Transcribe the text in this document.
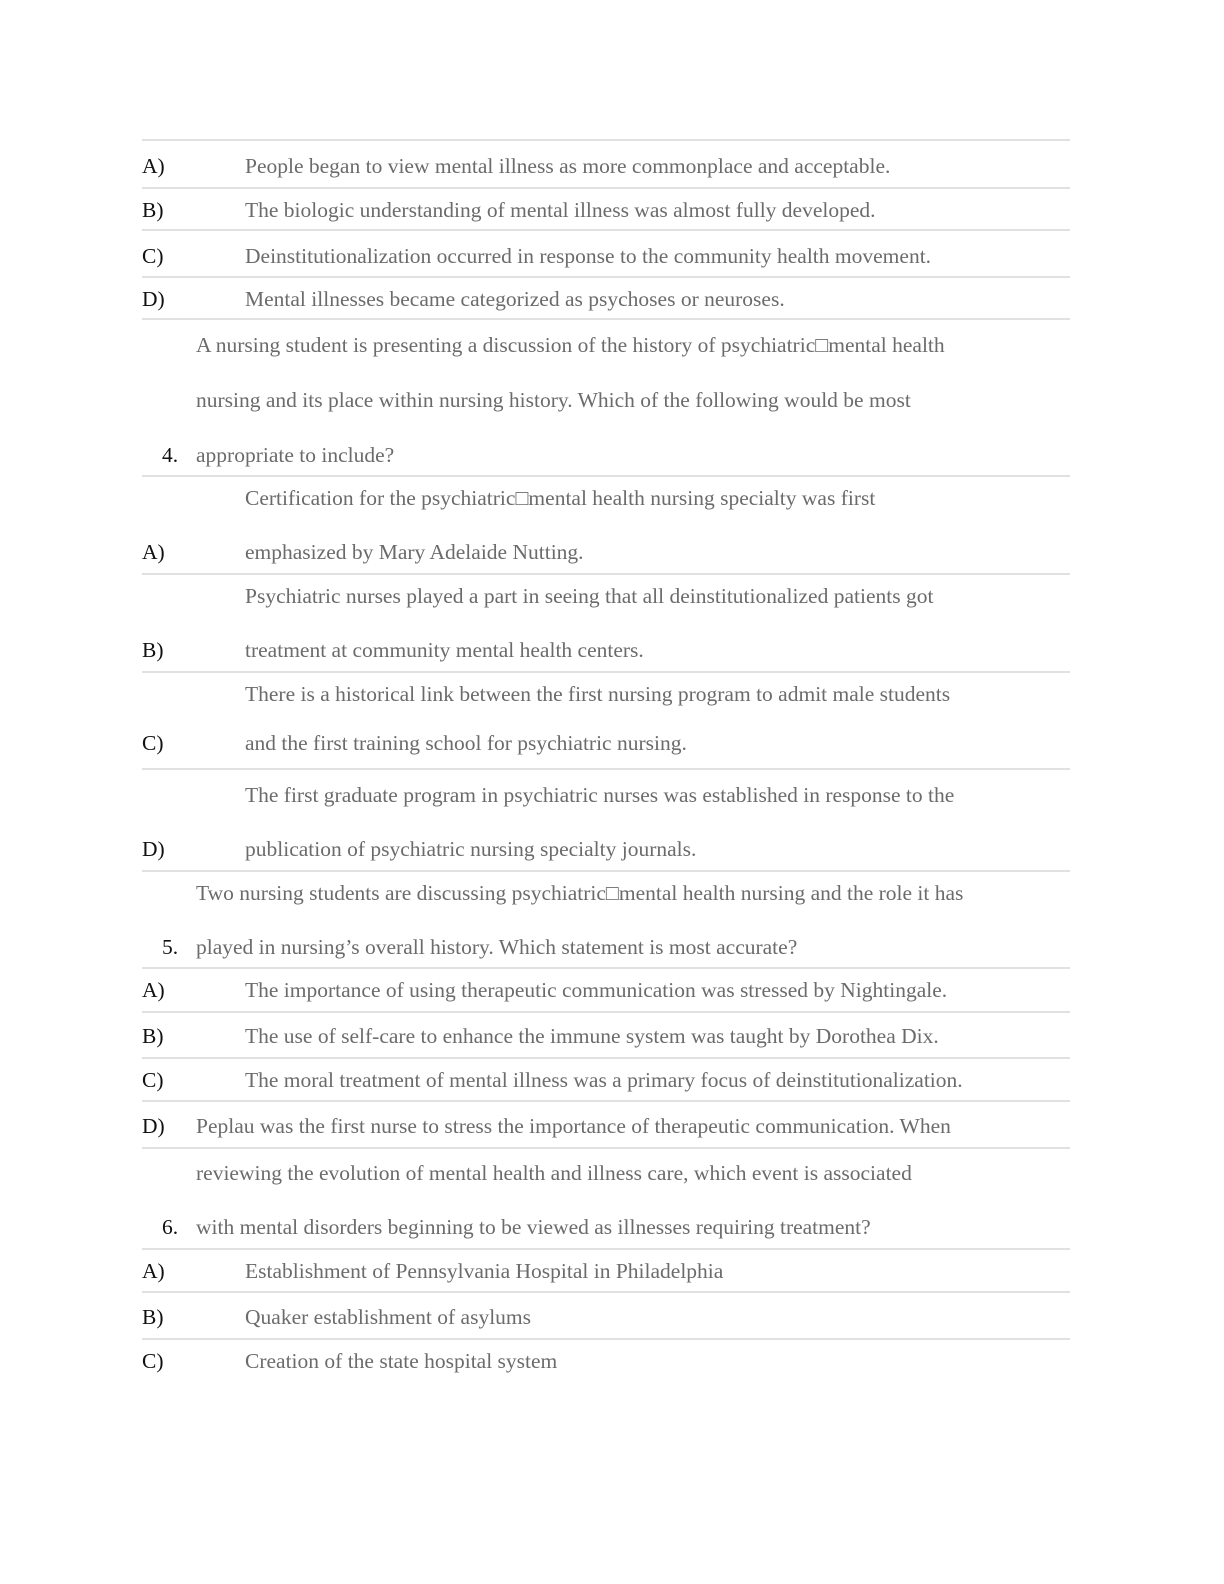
A)	People began to view mental illness as more commonplace and acceptable.
B)	The biologic understanding of mental illness was almost fully developed.
C)	Deinstitutionalization occurred in response to the community health movement.
D)	Mental illnesses became categorized as psychoses or neuroses.
A nursing student is presenting a discussion of the history of psychiatric□mental health
nursing and its place within nursing history. Which of the following would be most
4. appropriate to include?
Certification for the psychiatric□mental health nursing specialty was first
A)	emphasized by Mary Adelaide Nutting.
Psychiatric nurses played a part in seeing that all deinstitutionalized patients got
B)	treatment at community mental health centers.
There is a historical link between the first nursing program to admit male students
C)	and the first training school for psychiatric nursing.
The first graduate program in psychiatric nurses was established in response to the
D)	publication of psychiatric nursing specialty journals.
Two nursing students are discussing psychiatric□mental health nursing and the role it has
5. played in nursing’s overall history. Which statement is most accurate?
A)	The importance of using therapeutic communication was stressed by Nightingale.
B)	The use of self-care to enhance the immune system was taught by Dorothea Dix.
C)	The moral treatment of mental illness was a primary focus of deinstitutionalization.
D) Peplau was the first nurse to stress the importance of therapeutic communication. When
reviewing the evolution of mental health and illness care, which event is associated
6. with mental disorders beginning to be viewed as illnesses requiring treatment?
A)	Establishment of Pennsylvania Hospital in Philadelphia
B)	Quaker establishment of asylums
C)	Creation of the state hospital system
